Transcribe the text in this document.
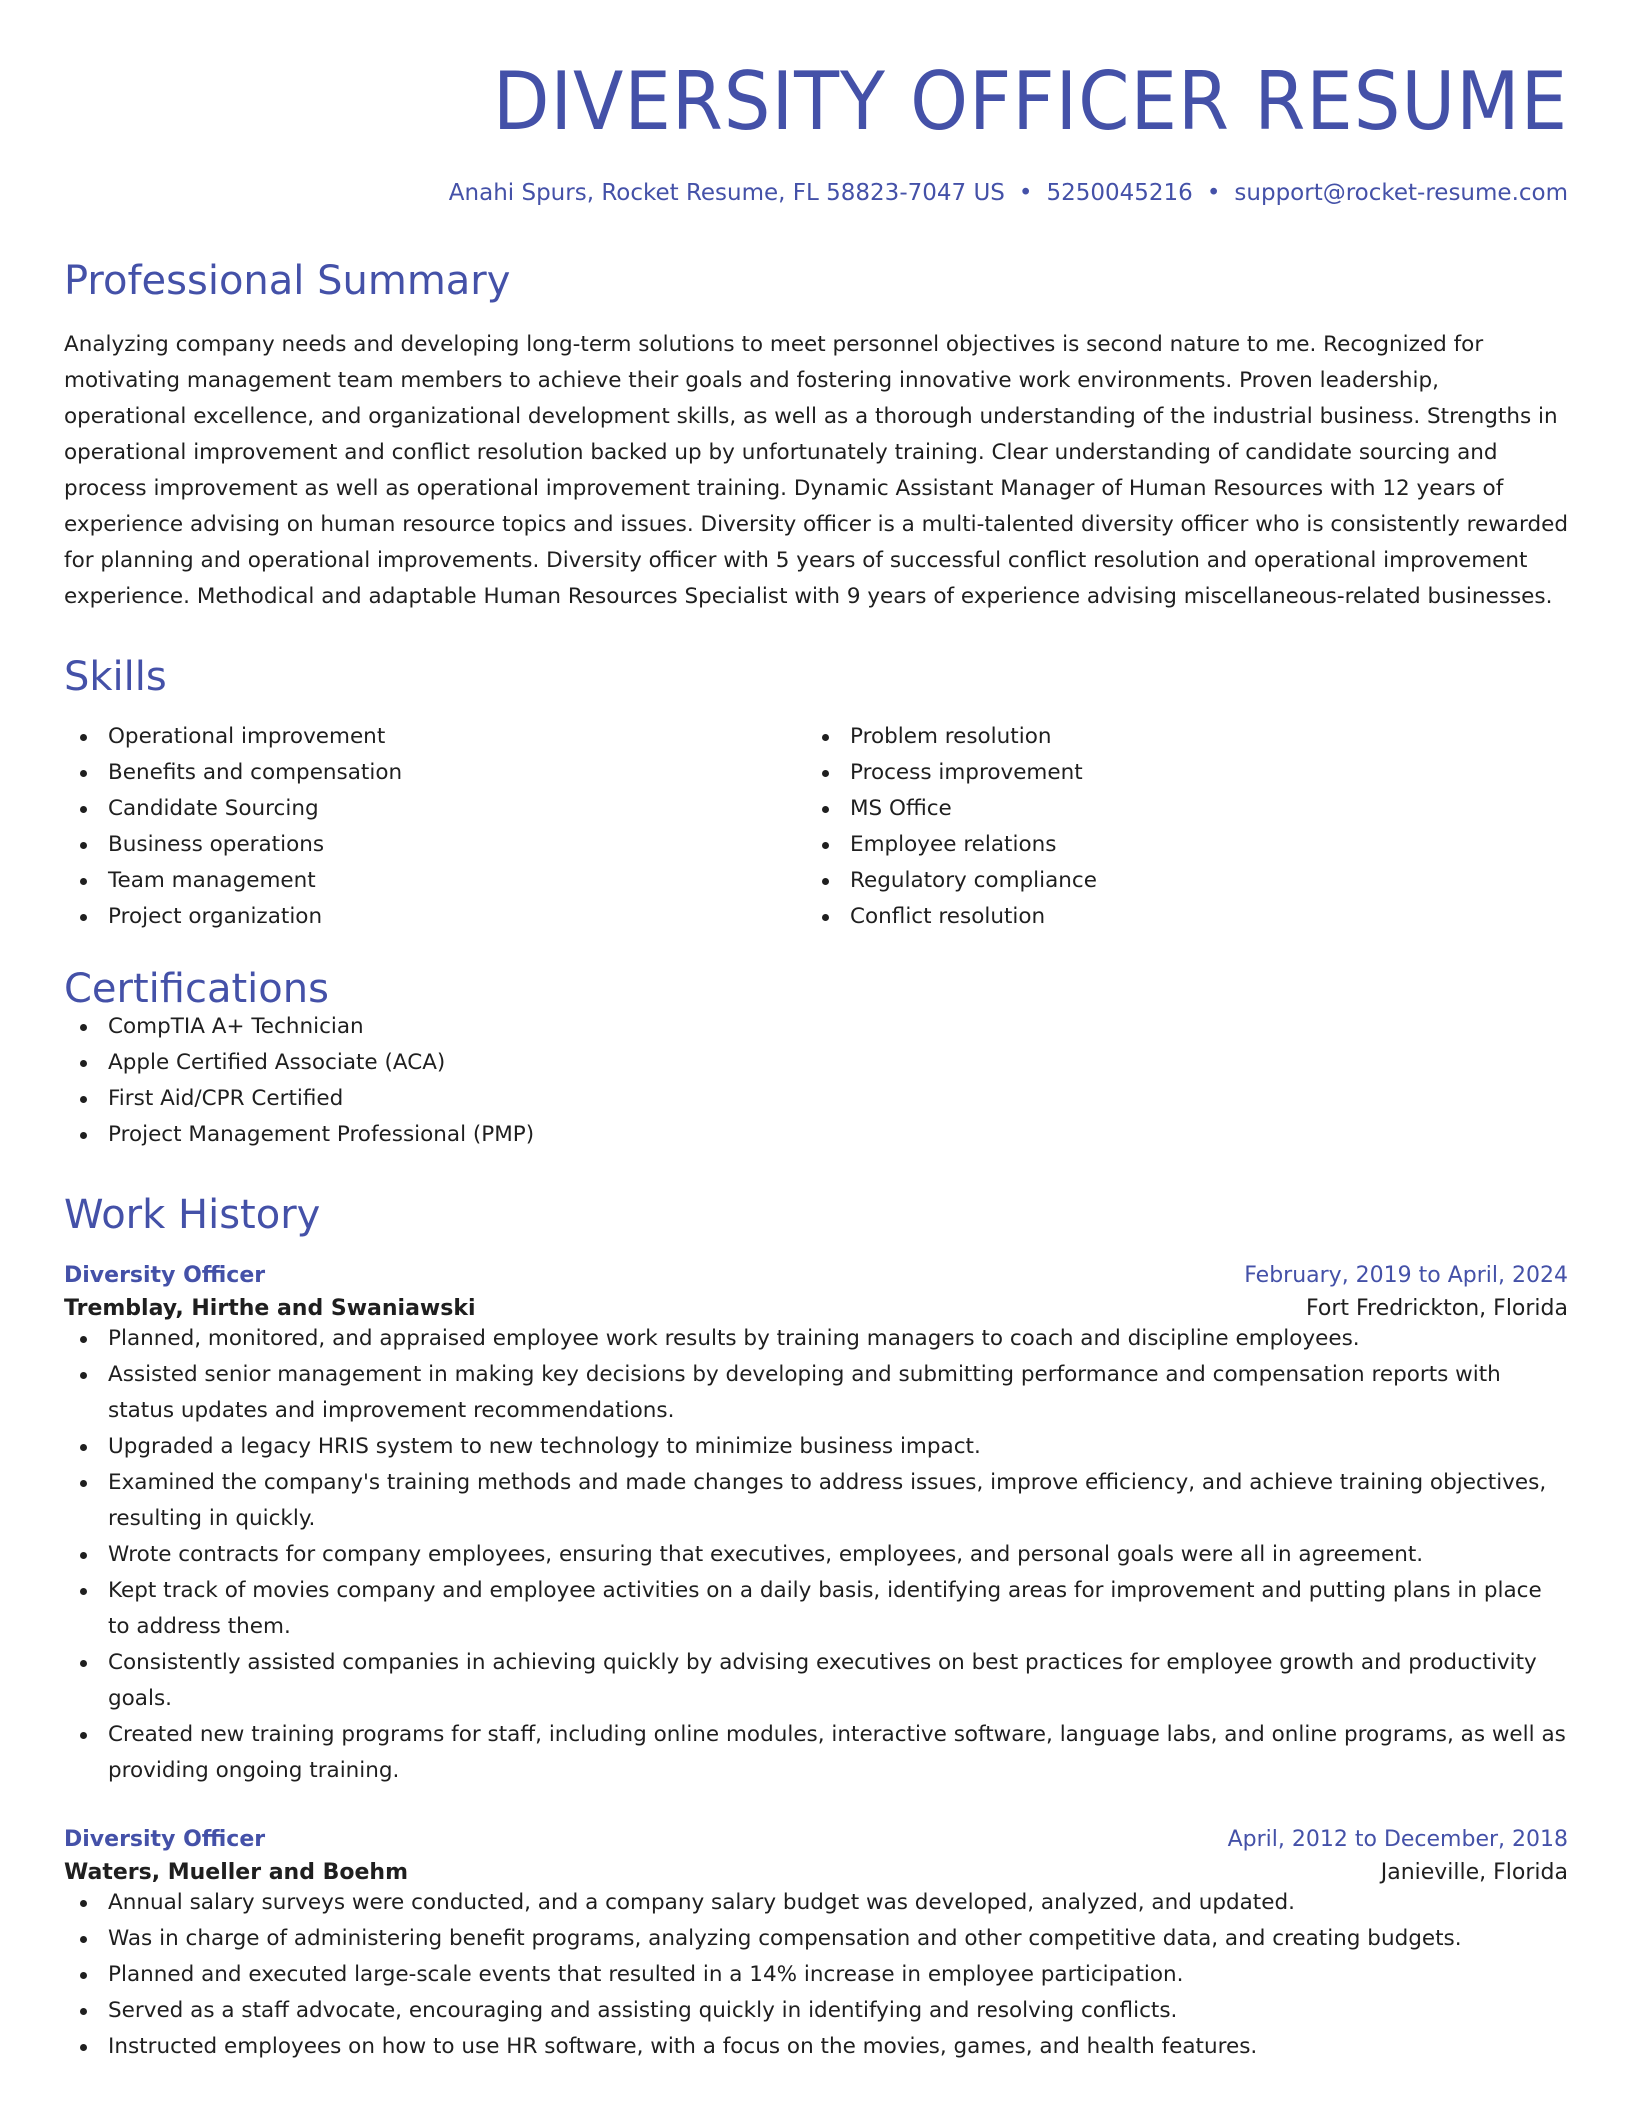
DIVERSITY OFFICER RESUME
Anahi Spurs, Rocket Resume, FL 58823-7047 US • 5250045216 • support@rocket-resume.com
Professional Summary

Analyzing company needs and developing long-term solutions to meet personnel objectives is second nature to me. Recognized for motivating management team members to achieve their goals and fostering innovative work environments. Proven leadership, operational excellence, and organizational development skills, as well as a thorough understanding of the industrial business. Strengths in operational improvement and conflict resolution backed up by unfortunately training. Clear understanding of candidate sourcing and process improvement as well as operational improvement training. Dynamic Assistant Manager of Human Resources with 12 years of experience advising on human resource topics and issues. Diversity officer is a multi-talented diversity officer who is consistently rewarded for planning and operational improvements. Diversity officer with 5 years of successful conflict resolution and operational improvement experience. Methodical and adaptable Human Resources Specialist with 9 years of experience advising miscellaneous-related businesses.

Skills
Operational improvement
Benefits and compensation
Candidate Sourcing
Business operations
Team management
Project organization
Problem resolution
Process improvement
MS Office
Employee relations
Regulatory compliance
Conflict resolution
Certifications
CompTIA A+ Technician
Apple Certified Associate (ACA)
First Aid/CPR Certified
Project Management Professional (PMP)
Work History
Diversity Officer	February, 2019 to April, 2024
Tremblay, Hirthe and Swaniawski	Fort Fredrickton, Florida
Planned, monitored, and appraised employee work results by training managers to coach and discipline employees.
Assisted senior management in making key decisions by developing and submitting performance and compensation reports with status updates and improvement recommendations.
Upgraded a legacy HRIS system to new technology to minimize business impact.
Examined the company's training methods and made changes to address issues, improve efficiency, and achieve training objectives, resulting in quickly.
Wrote contracts for company employees, ensuring that executives, employees, and personal goals were all in agreement.
Kept track of movies company and employee activities on a daily basis, identifying areas for improvement and putting plans in place to address them.
Consistently assisted companies in achieving quickly by advising executives on best practices for employee growth and productivity goals.
Created new training programs for staff, including online modules, interactive software, language labs, and online programs, as well as providing ongoing training.
Diversity Officer	April, 2012 to December, 2018
Waters, Mueller and Boehm	Janieville, Florida
Annual salary surveys were conducted, and a company salary budget was developed, analyzed, and updated.
Was in charge of administering benefit programs, analyzing compensation and other competitive data, and creating budgets.
Planned and executed large-scale events that resulted in a 14% increase in employee participation.
Served as a staff advocate, encouraging and assisting quickly in identifying and resolving conflicts.
Instructed employees on how to use HR software, with a focus on the movies, games, and health features.
